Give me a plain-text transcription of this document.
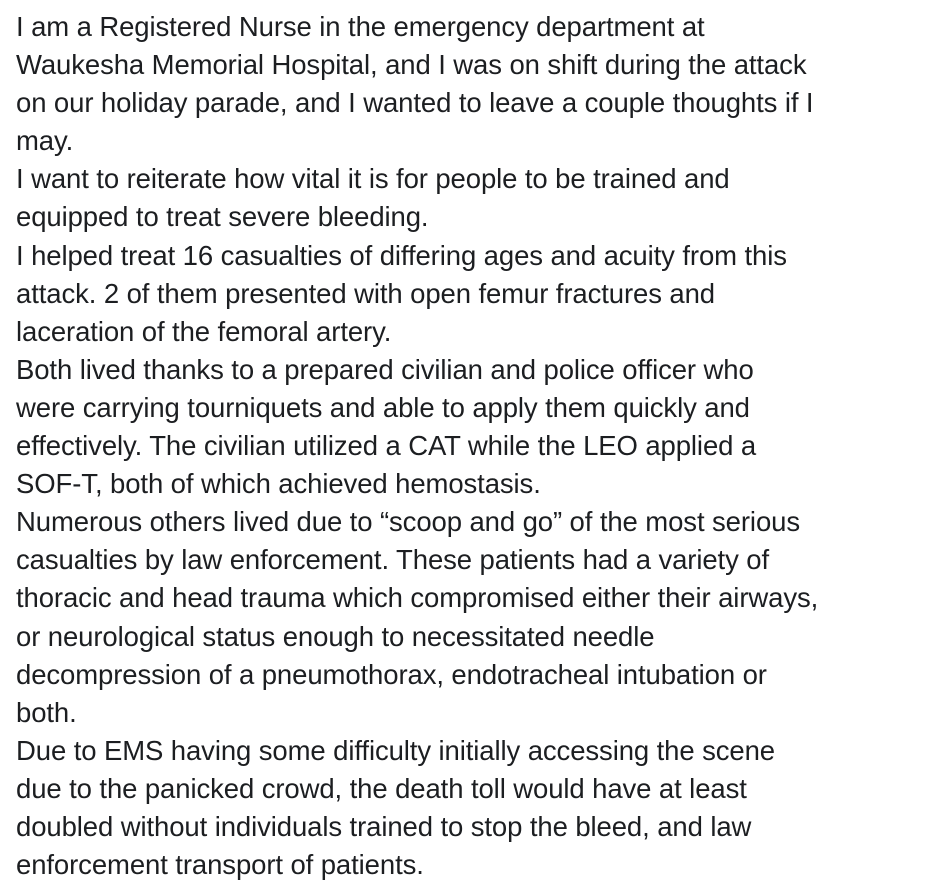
I am a Registered Nurse in the emergency department at
Waukesha Memorial Hospital, and I was on shift during the attack
on our holiday parade, and I wanted to leave a couple thoughts if I
may.
I want to reiterate how vital it is for people to be trained and
equipped to treat severe bleeding.
I helped treat 16 casualties of differing ages and acuity from this
attack. 2 of them presented with open femur fractures and
laceration of the femoral artery.
Both lived thanks to a prepared civilian and police officer who
were carrying tourniquets and able to apply them quickly and
effectively. The civilian utilized a CAT while the LEO applied a
SOF-T, both of which achieved hemostasis.
Numerous others lived due to “scoop and go” of the most serious
casualties by law enforcement. These patients had a variety of
thoracic and head trauma which compromised either their airways,
or neurological status enough to necessitated needle
decompression of a pneumothorax, endotracheal intubation or
both.
Due to EMS having some difficulty initially accessing the scene
due to the panicked crowd, the death toll would have at least
doubled without individuals trained to stop the bleed, and law
enforcement transport of patients.
